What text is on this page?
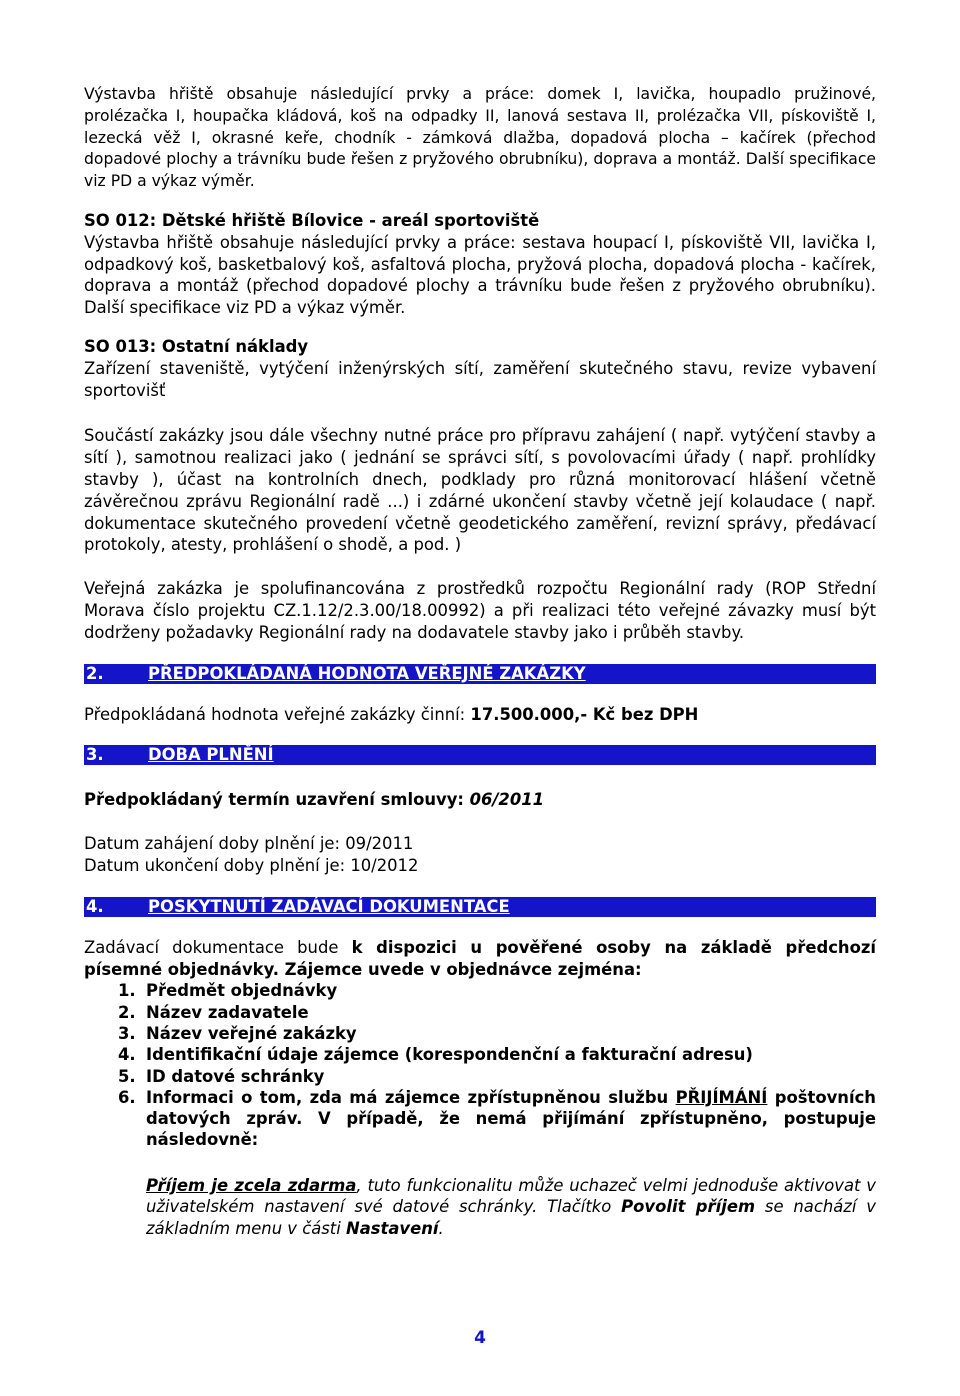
Výstavba hřiště obsahuje následující prvky a práce: domek I, lavička, houpadlo pružinové, prolézačka I, houpačka kládová, koš na odpadky II, lanová sestava II, prolézačka VII, pískoviště I, lezecká věž I, okrasné keře, chodník - zámková dlažba, dopadová plocha – kačírek (přechod dopadové plochy a trávníku bude řešen z pryžového obrubníku), doprava a montáž. Další specifikace viz PD a výkaz výměr.

SO 012: Dětské hřiště Bílovice - areál sportoviště

Výstavba hřiště obsahuje následující prvky a práce: sestava houpací I, pískoviště VII, lavička I, odpadkový koš, basketbalový koš, asfaltová plocha, pryžová plocha, dopadová plocha - kačírek, doprava a montáž (přechod dopadové plochy a trávníku bude řešen z pryžového obrubníku). Další specifikace viz PD a výkaz výměr.

SO 013: Ostatní náklady

Zařízení staveniště, vytýčení inženýrských sítí, zaměření skutečného stavu, revize vybavení sportovišť

Součástí zakázky jsou dále všechny nutné práce pro přípravu zahájení ( např. vytýčení stavby a sítí ), samotnou realizaci jako ( jednání se správci sítí, s povolovacími úřady ( např. prohlídky stavby ), účast na kontrolních dnech, podklady pro různá monitorovací hlášení včetně závěrečnou zprávu Regionální radě ...) i zdárné ukončení stavby včetně její kolaudace ( např. dokumentace skutečného provedení včetně geodetického zaměření, revizní správy, předávací protokoly, atesty, prohlášení o shodě, a pod. )

Veřejná zakázka je spolufinancována z prostředků rozpočtu Regionální rady (ROP Střední Morava číslo projektu CZ.1.12/2.3.00/18.00992) a při realizaci této veřejné závazky musí být dodrženy požadavky Regionální rady na dodavatele stavby jako i průběh stavby.

2.	PŘEDPOKLÁDANÁ HODNOTA VEŘEJNÉ ZAKÁZKY

Předpokládaná hodnota veřejné zakázky činní: 17.500.000,- Kč bez DPH

3.	DOBA PLNĚNÍ

Předpokládaný termín uzavření smlouvy: 06/2011

Datum zahájení doby plnění je: 09/2011
Datum ukončení doby plnění je: 10/2012
4.	POSKYTNUTÍ ZADÁVACÍ DOKUMENTACE

Zadávací dokumentace bude k dispozici u pověřené osoby na základě předchozí písemné objednávky. Zájemce uvede v objednávce zejména:

1. Předmět objednávky
2. Název zadavatele
3. Název veřejné zakázky
4. Identifikační údaje zájemce (korespondenční a fakturační adresu)
5. ID datové schránky
6. Informaci o tom, zda má zájemce zpřístupněnou službu PŘIJÍMÁNÍ poštovních datových zpráv. V případě, že nemá přijímání zpřístupněno, postupuje následovně:

Příjem je zcela zdarma, tuto funkcionalitu může uchazeč velmi jednoduše aktivovat v uživatelském nastavení své datové schránky. Tlačítko Povolit příjem se nachází v základním menu v části Nastavení.

4
